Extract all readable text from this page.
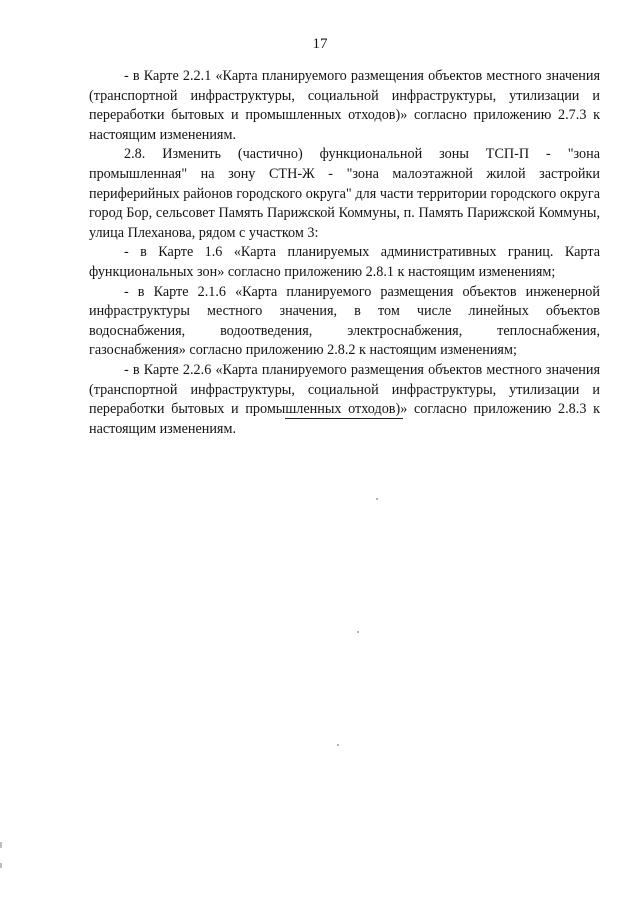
17

- в Карте 2.2.1 «Карта планируемого размещения объектов местного значения (транспортной инфраструктуры, социальной инфраструктуры, утилизации и переработки бытовых и промышленных отходов)» согласно приложению 2.7.3 к настоящим изменениям.

2.8. Изменить (частично) функциональной зоны ТСП-П - "зона промышленная" на зону СТН-Ж - "зона малоэтажной жилой застройки периферийных районов городского округа" для части территории городского округа город Бор, сельсовет Память Парижской Коммуны, п. Память Парижской Коммуны, улица Плеханова, рядом с участком 3:

- в Карте 1.6 «Карта планируемых административных границ. Карта функциональных зон» согласно приложению 2.8.1 к настоящим изменениям;

- в Карте 2.1.6 «Карта планируемого размещения объектов инженерной инфраструктуры местного значения, в том числе линейных объектов водоснабжения, водоотведения, электроснабжения, теплоснабжения, газоснабжения» согласно приложению 2.8.2 к настоящим изменениям;

- в Карте 2.2.6 «Карта планируемого размещения объектов местного значения (транспортной инфраструктуры, социальной инфраструктуры, утилизации и переработки бытовых и промышленных отходов)» согласно приложению 2.8.3 к настоящим изменениям.
